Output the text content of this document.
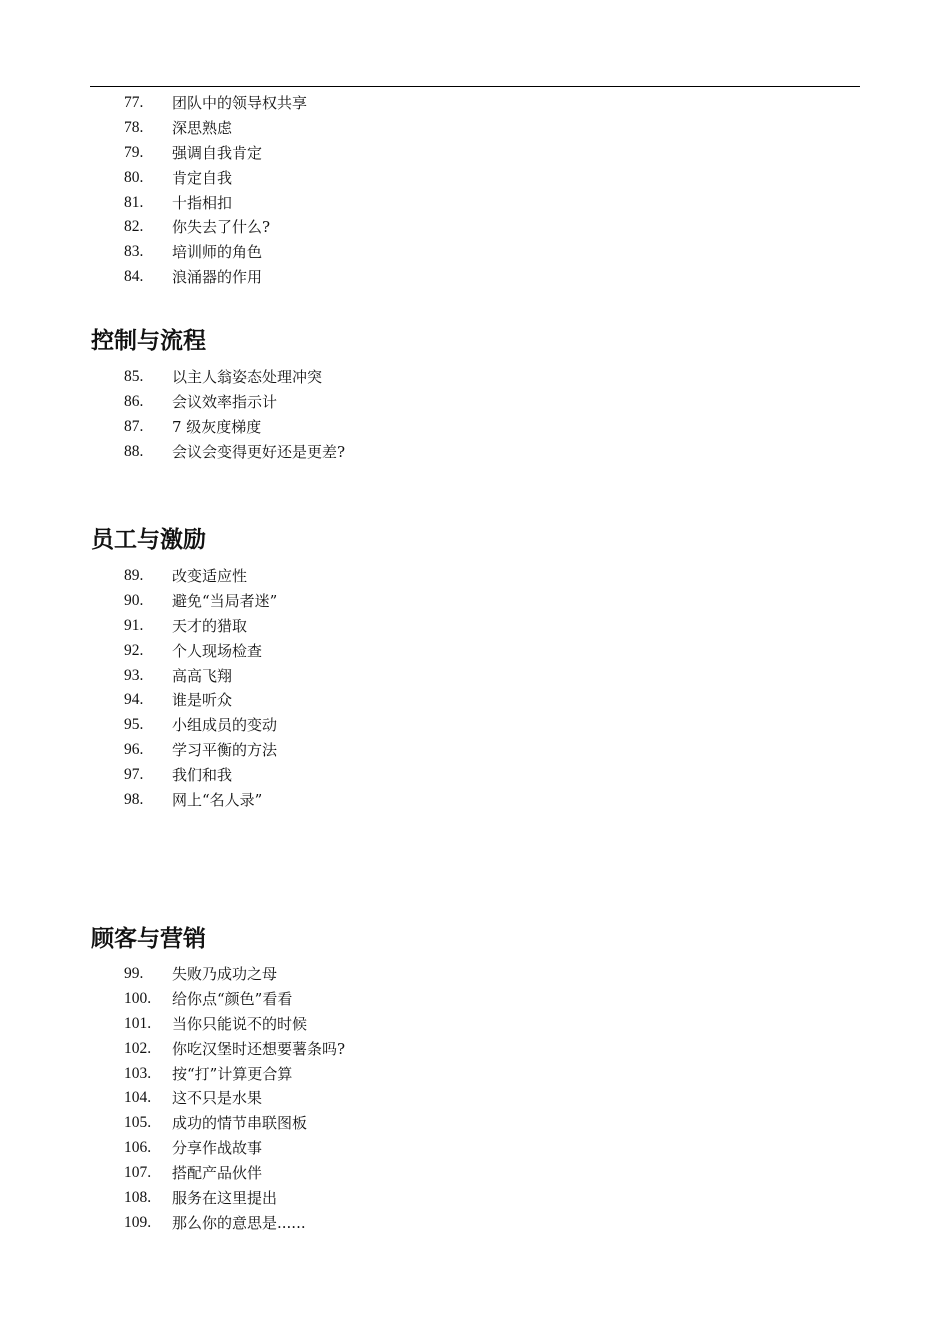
77. 团队中的领导权共享
78. 深思熟虑
79. 强调自我肯定
80. 肯定自我
81. 十指相扣
82. 你失去了什么?
83. 培训师的角色
84. 浪涌器的作用
控制与流程
85. 以主人翁姿态处理冲突
86. 会议效率指示计
87. 7 级灰度梯度
88. 会议会变得更好还是更差?
员工与激励
89. 改变适应性
90. 避免“当局者迷”
91. 天才的猎取
92. 个人现场检查
93. 高高飞翔
94. 谁是听众
95. 小组成员的变动
96. 学习平衡的方法
97. 我们和我
98. 网上“名人录”
顾客与营销
99. 失败乃成功之母
100. 给你点“颜色”看看
101. 当你只能说不的时候
102. 你吃汉堡时还想要薯条吗?
103. 按“打”计算更合算
104. 这不只是水果
105. 成功的情节串联图板
106. 分享作战故事
107. 搭配产品伙伴
108. 服务在这里提出
109. 那么你的意思是......
